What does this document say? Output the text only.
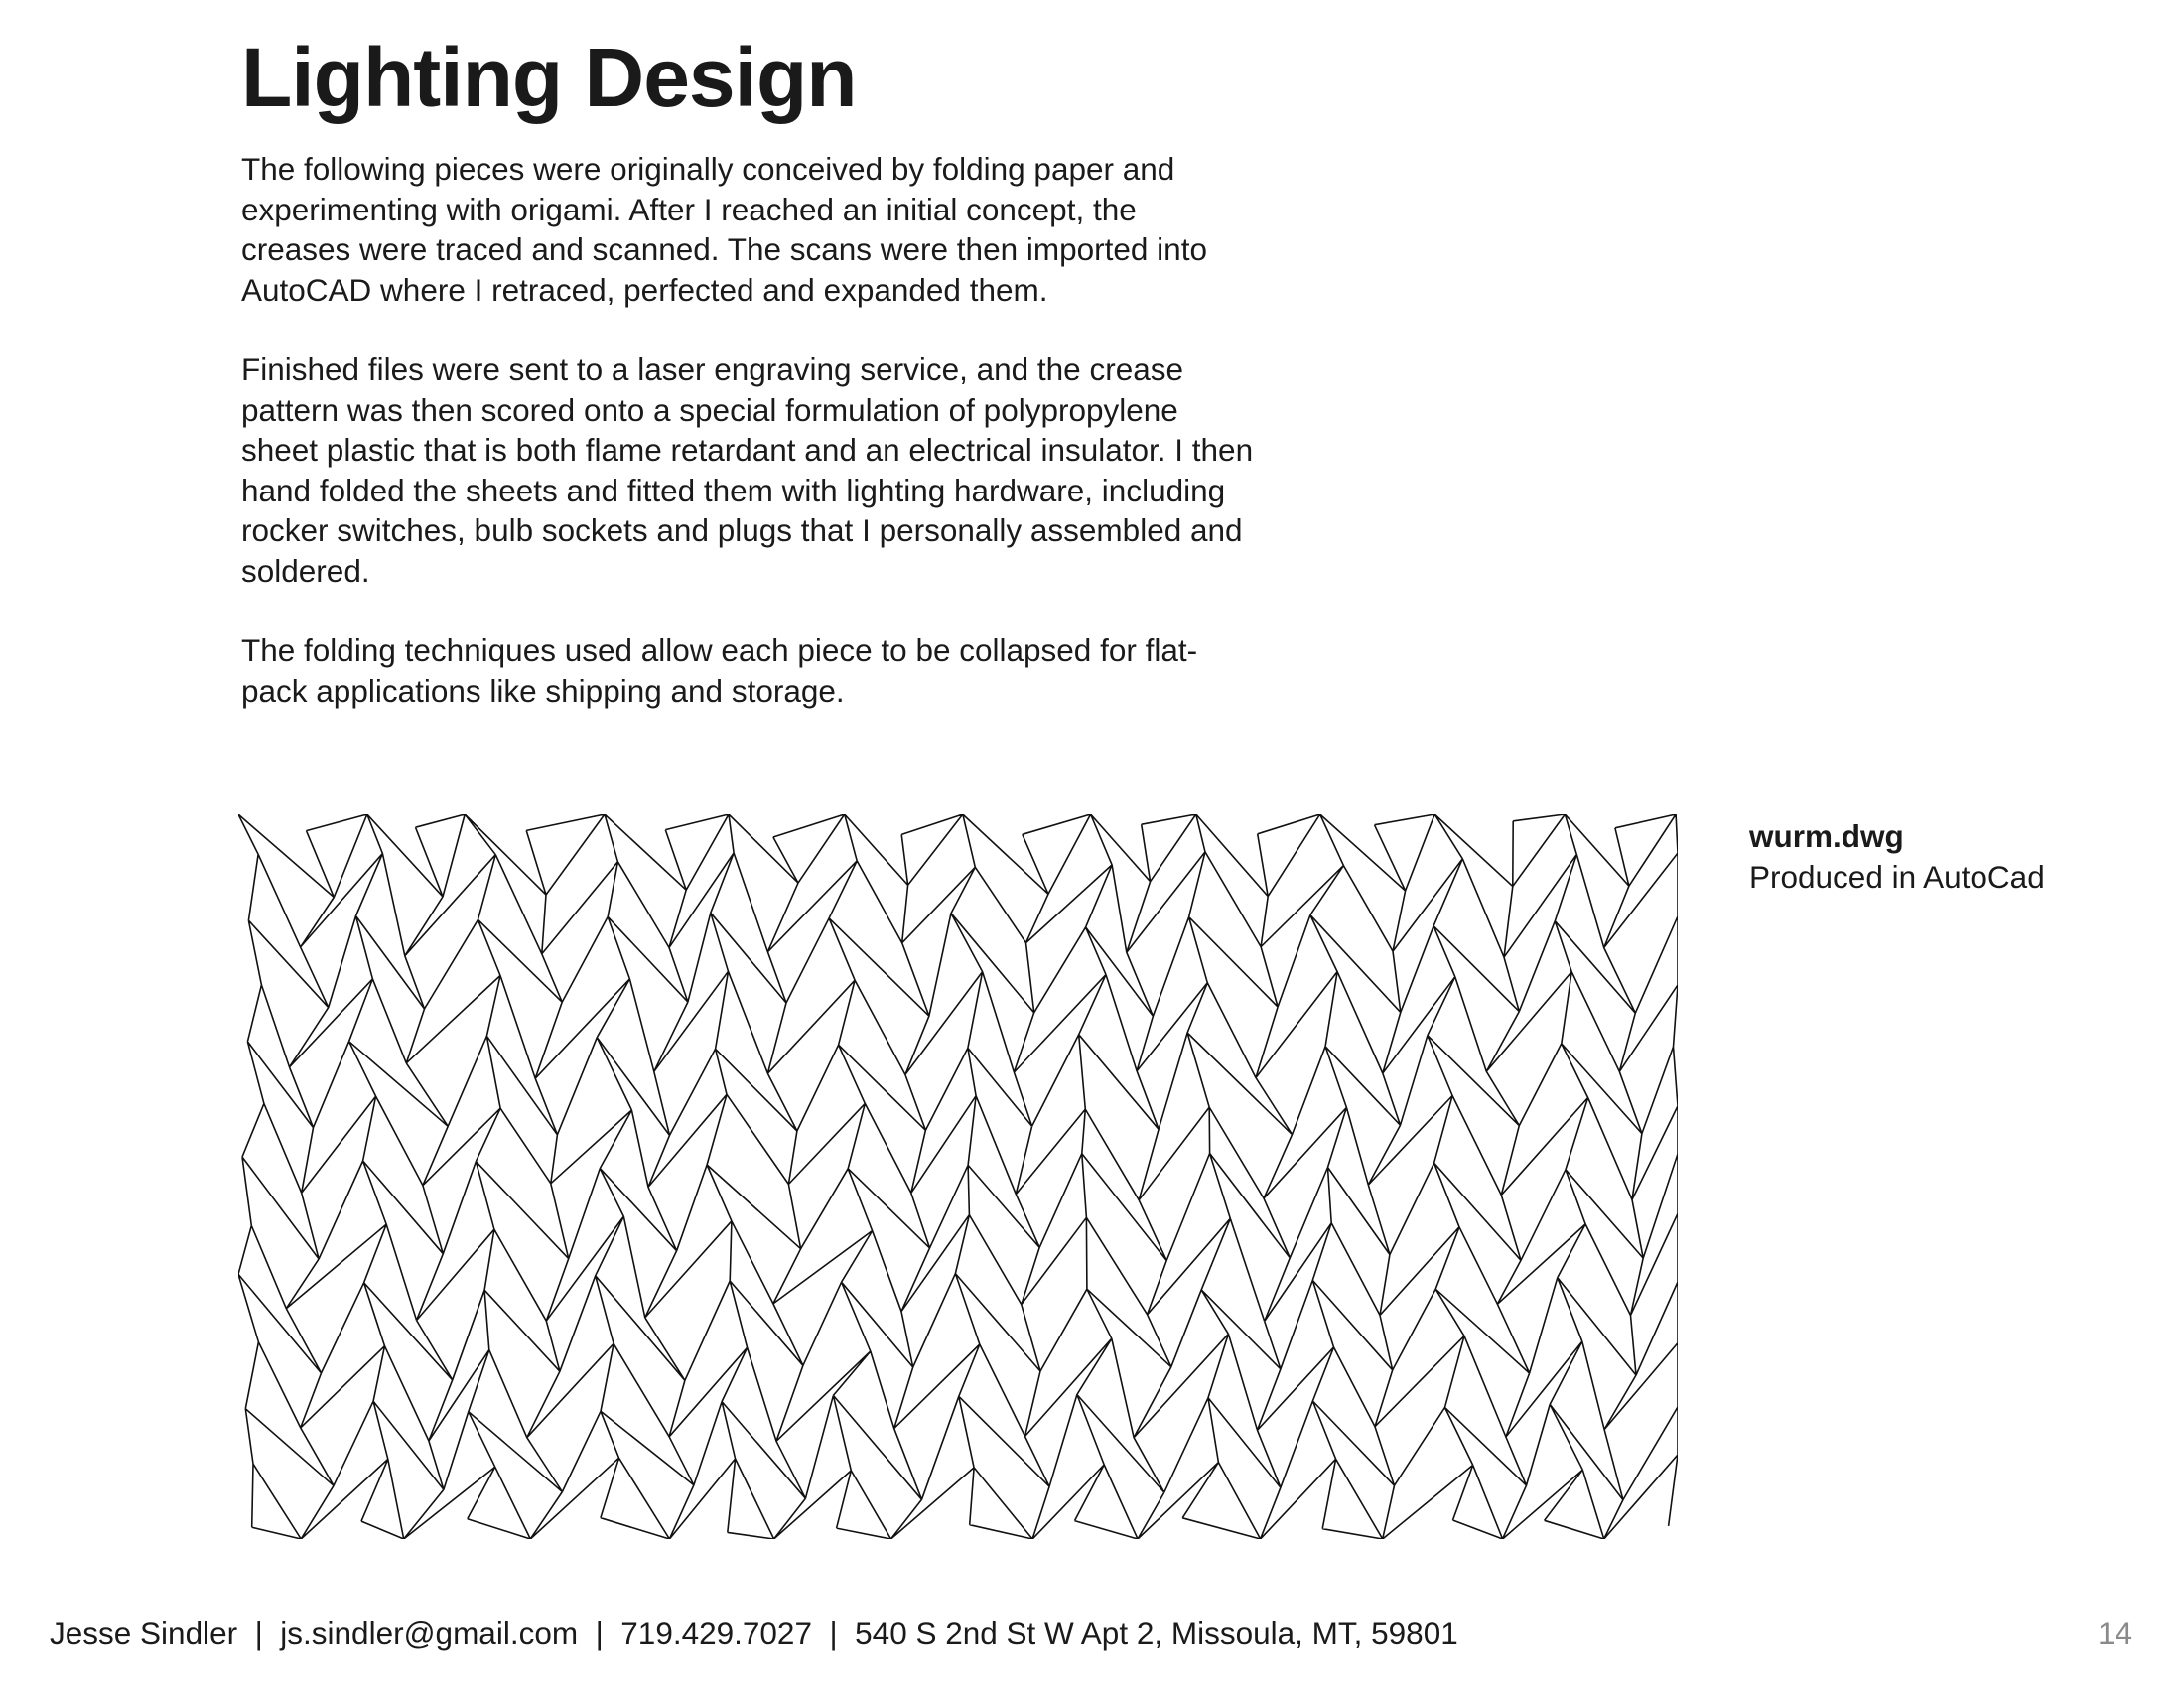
Lighting Design

The following pieces were originally conceived by folding paper and experimenting with origami. After I reached an initial concept, the creases were traced and scanned. The scans were then imported into AutoCAD where I retraced, perfected and expanded them.

Finished files were sent to a laser engraving service, and the crease pattern was then scored onto a special formulation of polypropylene sheet plastic that is both flame retardant and an electrical insulator. I then hand folded the sheets and fitted them with lighting hardware, including rocker switches, bulb sockets and plugs that I personally assembled and soldered.

The folding techniques used allow each piece to be collapsed for flat-pack applications like shipping and storage.

wurm.dwg
Produced in AutoCad
Jesse Sindler  |  js.sindler@gmail.com  |  719.429.7027  |  540 S 2nd St W Apt 2, Missoula, MT, 59801	14
